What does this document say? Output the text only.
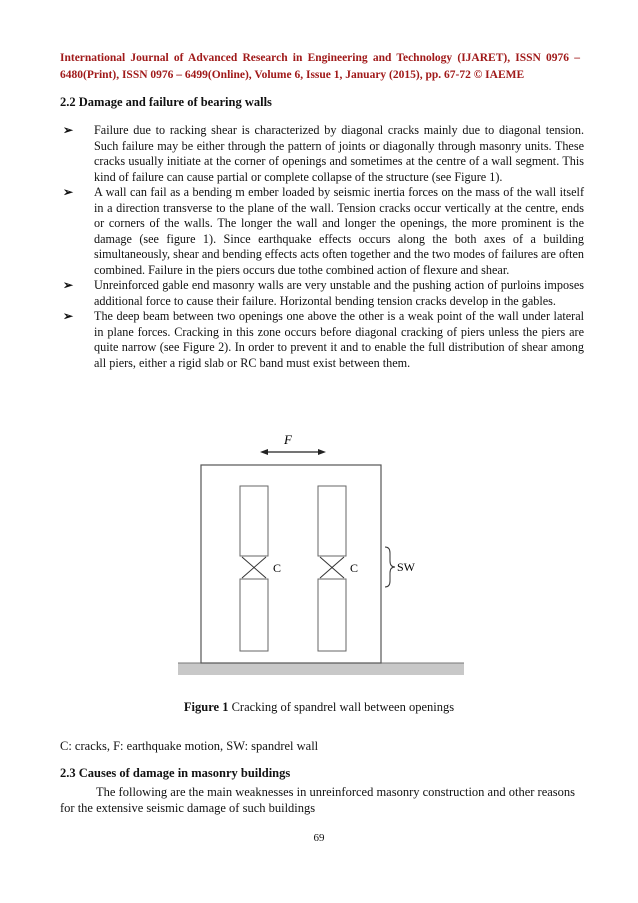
International Journal of Advanced Research in Engineering and Technology (IJARET), ISSN 0976 – 6480(Print), ISSN 0976 – 6499(Online), Volume 6, Issue 1, January (2015), pp. 67-72 © IAEME
2.2 Damage and failure of bearing walls
➢ Failure due to racking shear is characterized by diagonal cracks mainly due to diagonal tension. Such failure may be either through the pattern of joints or diagonally through masonry units. These cracks usually initiate at the corner of openings and sometimes at the centre of a wall segment. This kind of failure can cause partial or complete collapse of the structure (see Figure 1).
➢ A wall can fail as a bending m ember loaded by seismic inertia forces on the mass of the wall itself in a direction transverse to the plane of the wall. Tension cracks occur vertically at the centre, ends or corners of the walls. The longer the wall and longer the openings, the more prominent is the damage (see figure 1). Since earthquake effects occurs along the both axes of a building simultaneously, shear and bending effects acts often together and the two modes of failures are often combined. Failure in the piers occurs due tothe combined action of flexure and shear.
➢ Unreinforced gable end masonry walls are very unstable and the pushing action of purloins imposes additional force to cause their failure. Horizontal bending tension cracks develop in the gables.
➢ The deep beam between two openings one above the other is a weak point of the wall under lateral in plane forces. Cracking in this zone occurs before diagonal cracking of piers unless the piers are quite narrow (see Figure 2). In order to prevent it and to enable the full distribution of shear among all piers, either a rigid slab or RC band must exist between them.
F
C	C	SW
Figure 1 Cracking of spandrel wall between openings
C: cracks, F: earthquake motion, SW: spandrel wall
2.3 Causes of damage in masonry buildings
The following are the main weaknesses in unreinforced masonry construction and other reasons for the extensive seismic damage of such buildings
69
